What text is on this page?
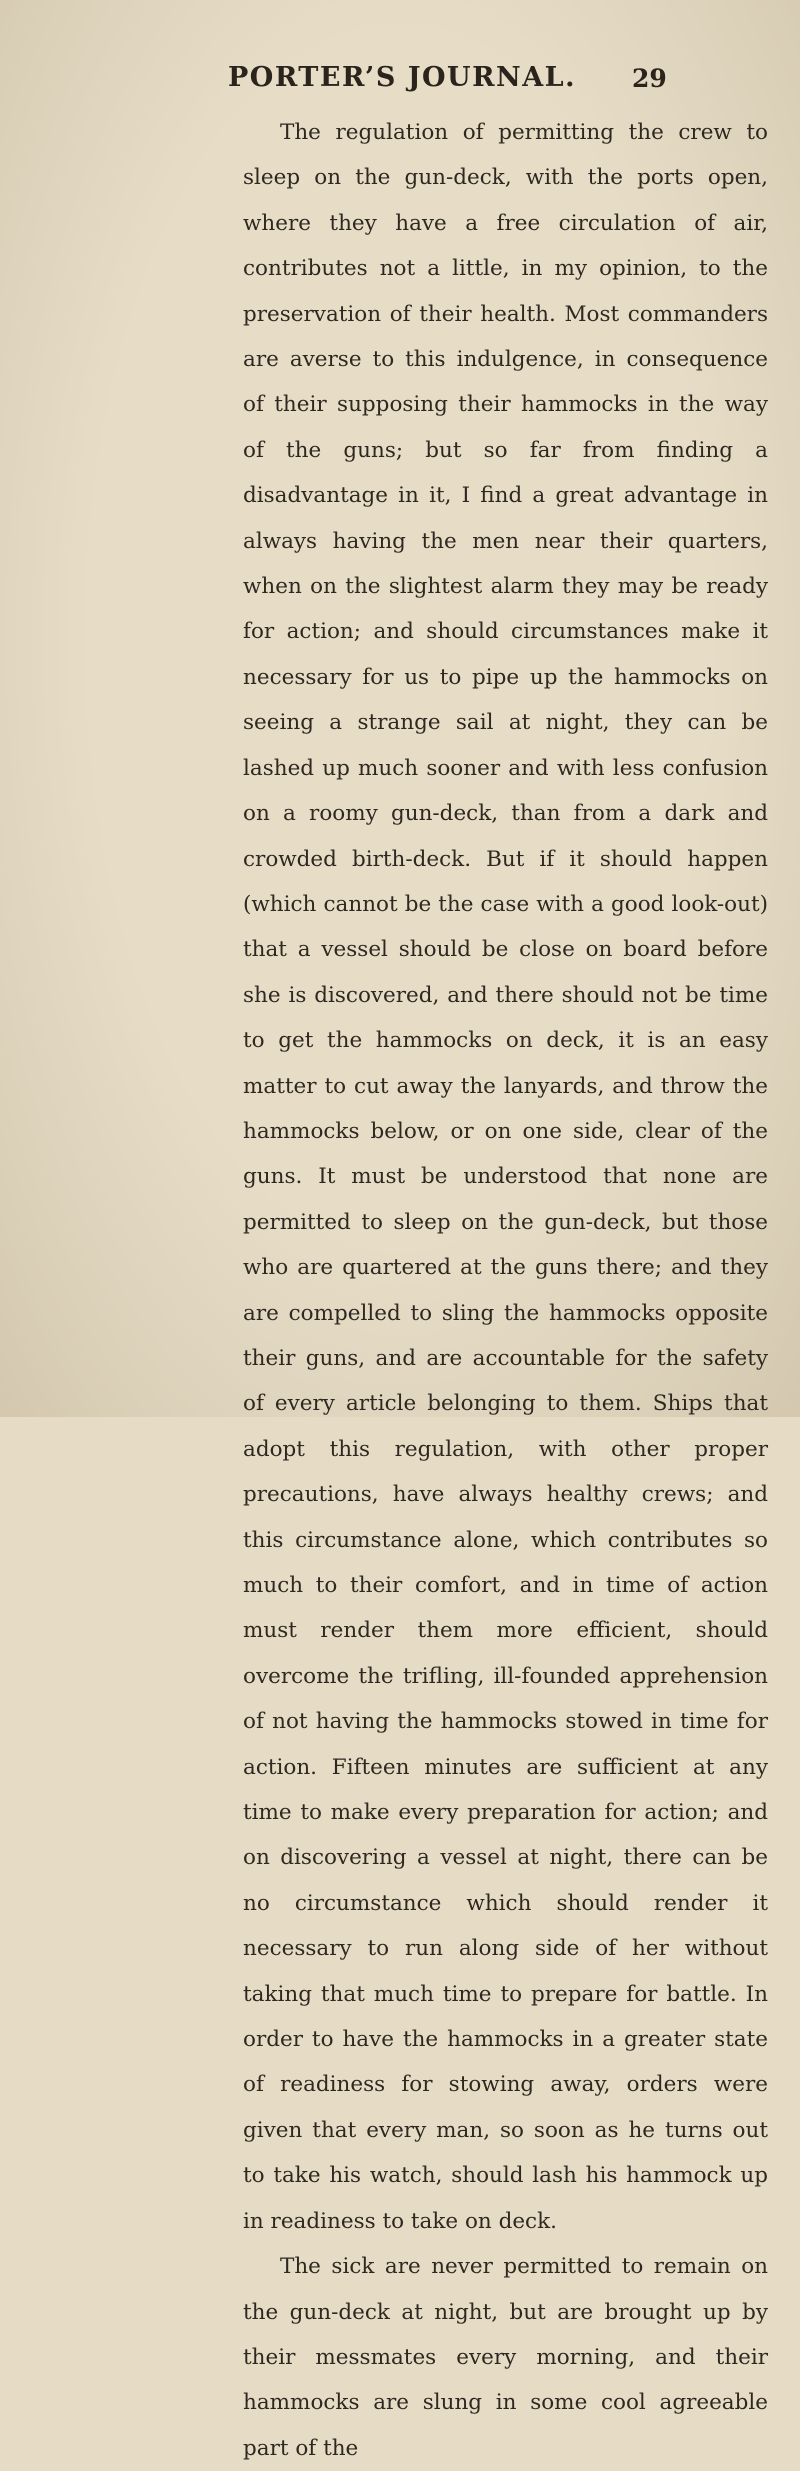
PORTER’S JOURNAL. 29

The regulation of permitting the crew to sleep on the gun-deck, with the ports open, where they have a free circulation of air, contributes not a little, in my opinion, to the preservation of their health. Most commanders are averse to this indulgence, in consequence of their supposing their hammocks in the way of the guns; but so far from finding a disadvantage in it, I find a great advantage in always having the men near their quarters, when on the slightest alarm they may be ready for action; and should circumstances make it necessary for us to pipe up the hammocks on seeing a strange sail at night, they can be lashed up much sooner and with less confusion on a roomy gun-deck, than from a dark and crowded birth-deck. But if it should happen (which cannot be the case with a good look-out) that a vessel should be close on board before she is discovered, and there should not be time to get the hammocks on deck, it is an easy matter to cut away the lanyards, and throw the hammocks below, or on one side, clear of the guns. It must be understood that none are permitted to sleep on the gun-deck, but those who are quartered at the guns there; and they are compelled to sling the hammocks opposite their guns, and are accountable for the safety of every article belonging to them. Ships that adopt this regulation, with other proper precautions, have always healthy crews; and this circumstance alone, which contributes so much to their comfort, and in time of action must render them more efficient, should overcome the trifling, ill-founded apprehension of not having the hammocks stowed in time for action. Fifteen minutes are sufficient at any time to make every preparation for action; and on discovering a vessel at night, there can be no circumstance which should render it necessary to run along side of her without taking that much time to prepare for battle. In order to have the hammocks in a greater state of readiness for stowing away, orders were given that every man, so soon as he turns out to take his watch, should lash his hammock up in readiness to take on deck.

The sick are never permitted to remain on the gun-deck at night, but are brought up by their messmates every morning, and their hammocks are slung in some cool agreeable part of the
